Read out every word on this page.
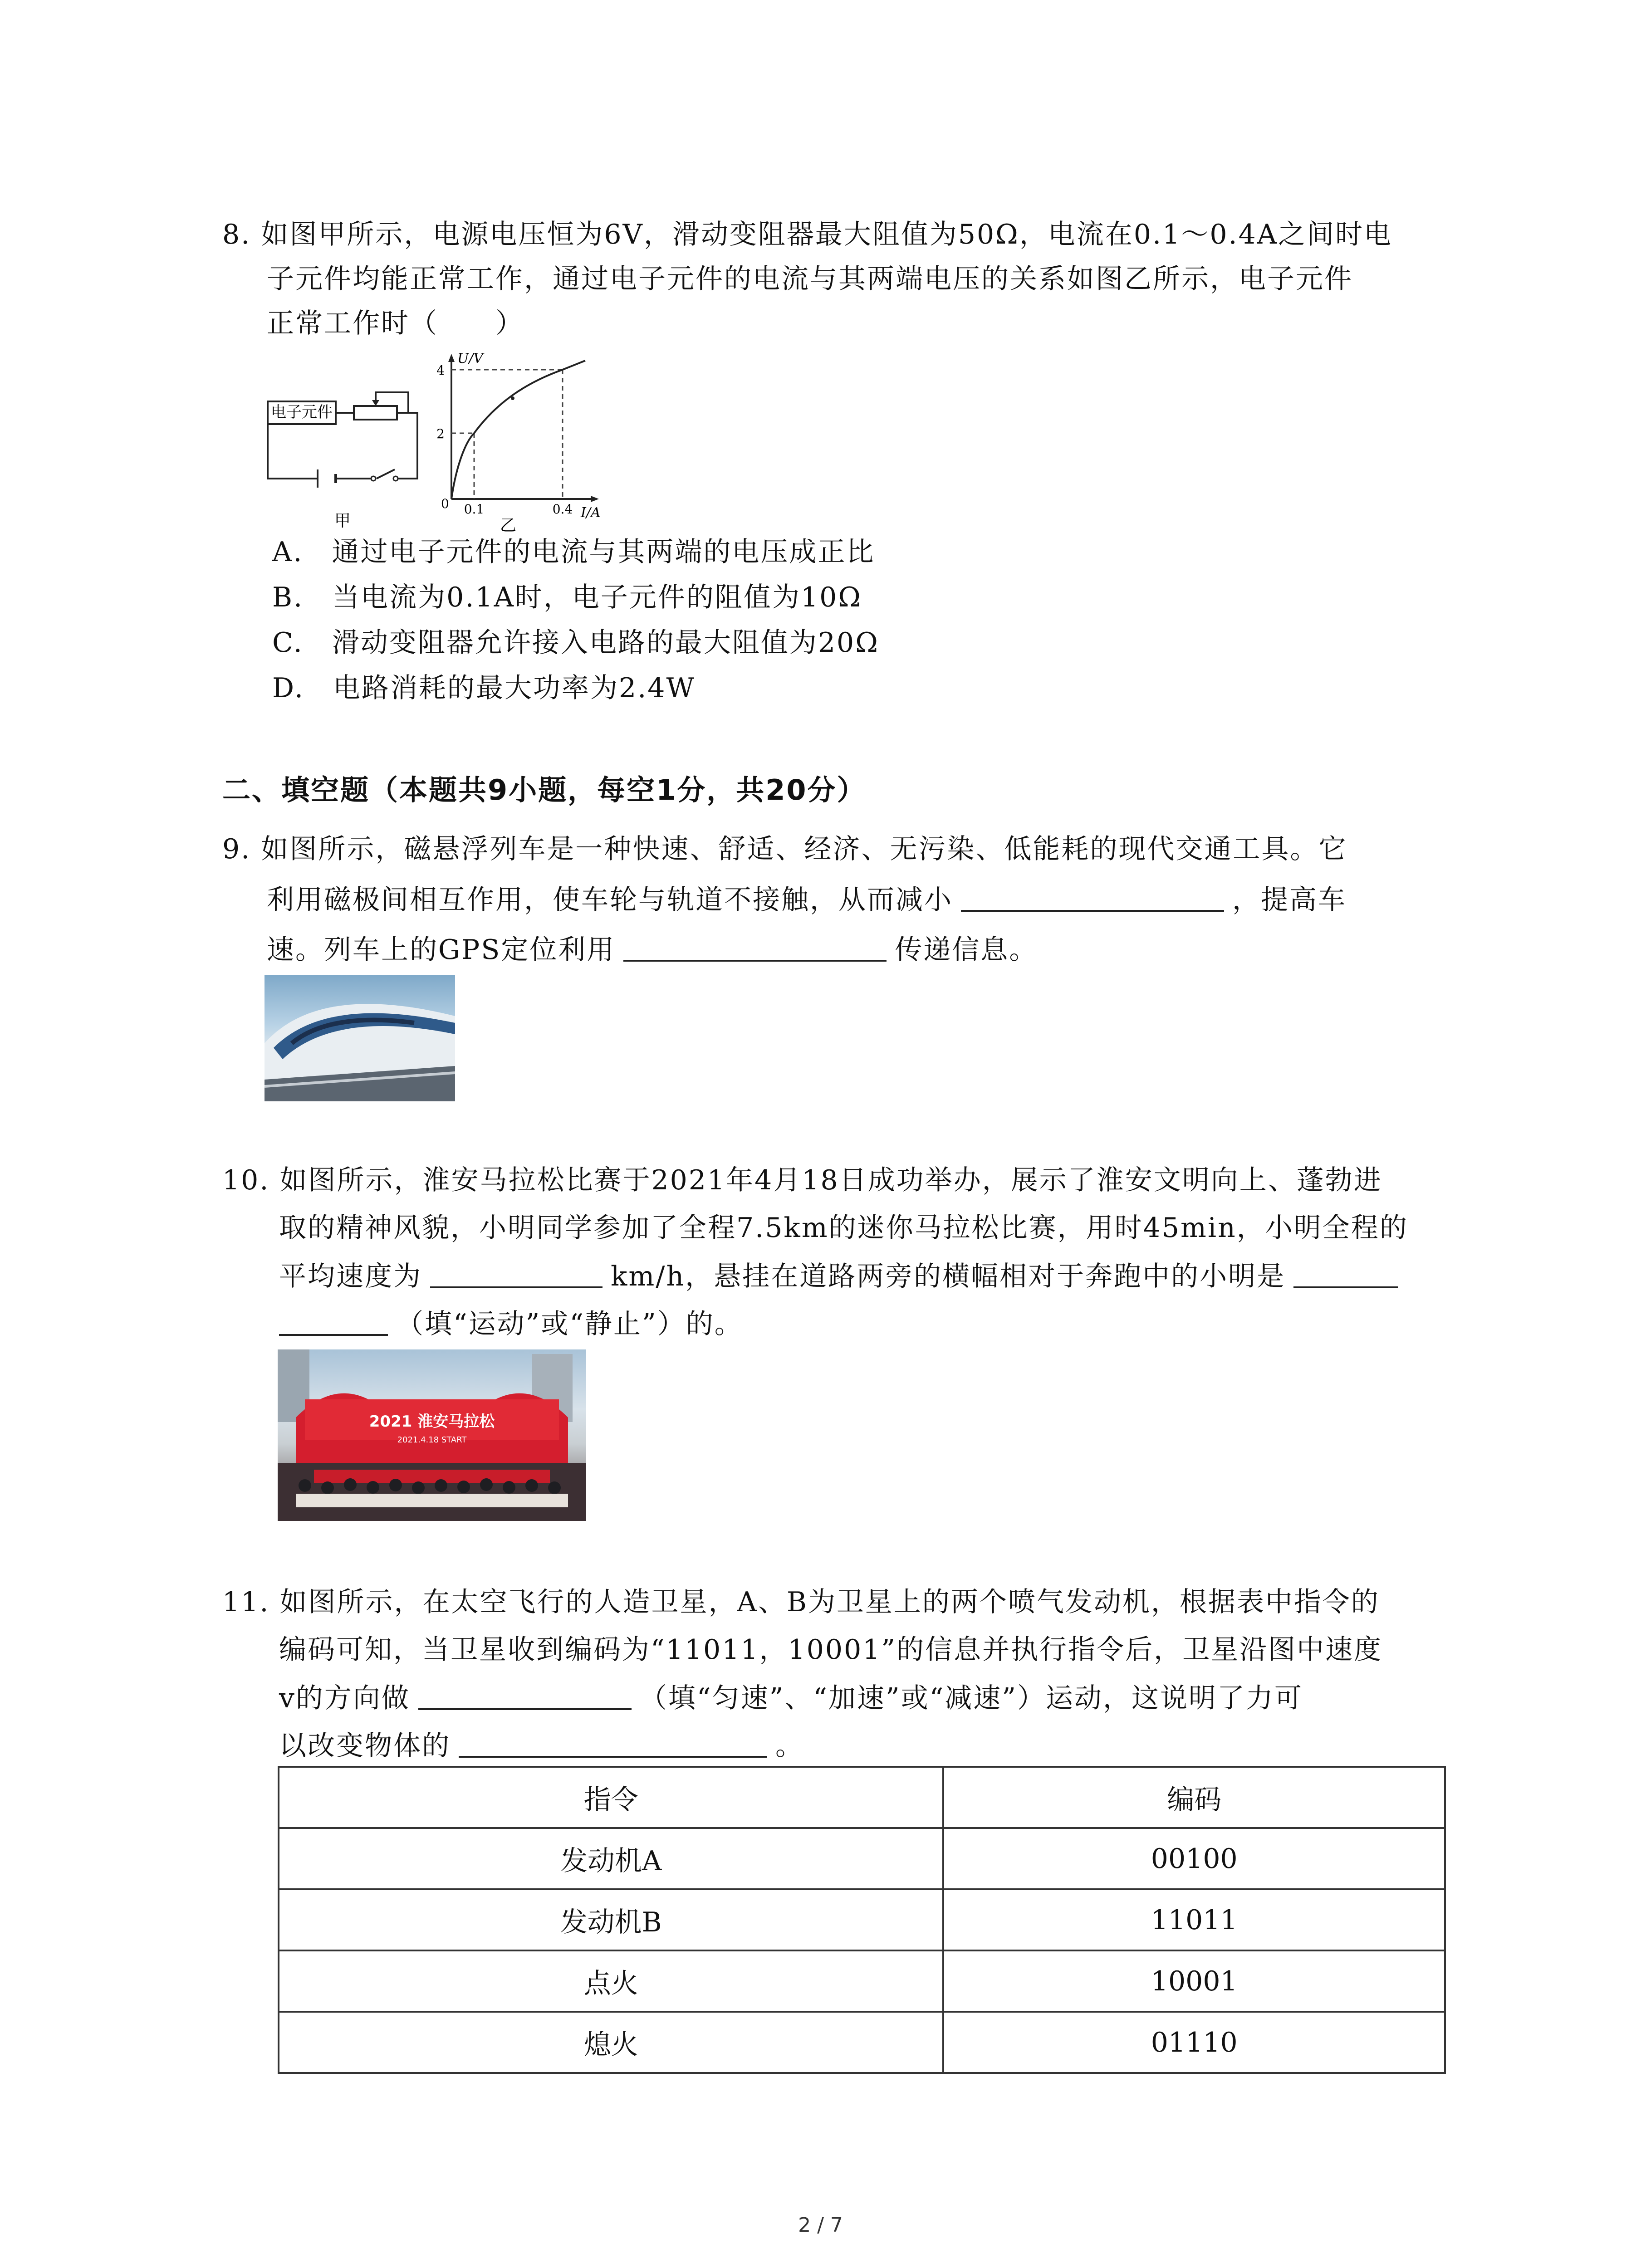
8. 如图甲所示，电源电压恒为6V，滑动变阻器最大阻值为50Ω，电流在0.1～0.4A之间时电
子元件均能正常工作，通过电子元件的电流与其两端电压的关系如图乙所示，电子元件
正常工作时（　　）
电子元件
甲
U/V
I/A
4
2
0 0.1	0.4
乙
A.　通过电子元件的电流与其两端的电压成正比
B.　当电流为0.1A时，电子元件的阻值为10Ω
C.　滑动变阻器允许接入电路的最大阻值为20Ω
D.　电路消耗的最大功率为2.4W
二、填空题（本题共9小题，每空1分，共20分）
9. 如图所示，磁悬浮列车是一种快速、舒适、经济、无污染、低能耗的现代交通工具。它
利用磁极间相互作用，使车轮与轨道不接触，从而减小	，提高车
速。列车上的GPS定位利用	传递信息。
10. 如图所示，淮安马拉松比赛于2021年4月18日成功举办，展示了淮安文明向上、蓬勃进
取的精神风貌，小明同学参加了全程7.5km的迷你马拉松比赛，用时45min，小明全程的
平均速度为	km/h，悬挂在道路两旁的横幅相对于奔跑中的小明是
（填“运动”或“静止”）的。
2021 淮安马拉松
2021.4.18 START
11. 如图所示，在太空飞行的人造卫星，A、B为卫星上的两个喷气发动机，根据表中指令的
编码可知，当卫星收到编码为“11011，10001”的信息并执行指令后，卫星沿图中速度
v的方向做	（填“匀速”、“加速”或“减速”）运动，这说明了力可
以改变物体的	。
指令	编码
发动机A	00100
发动机B	11011
点火	10001
熄火	01110
2 / 7
